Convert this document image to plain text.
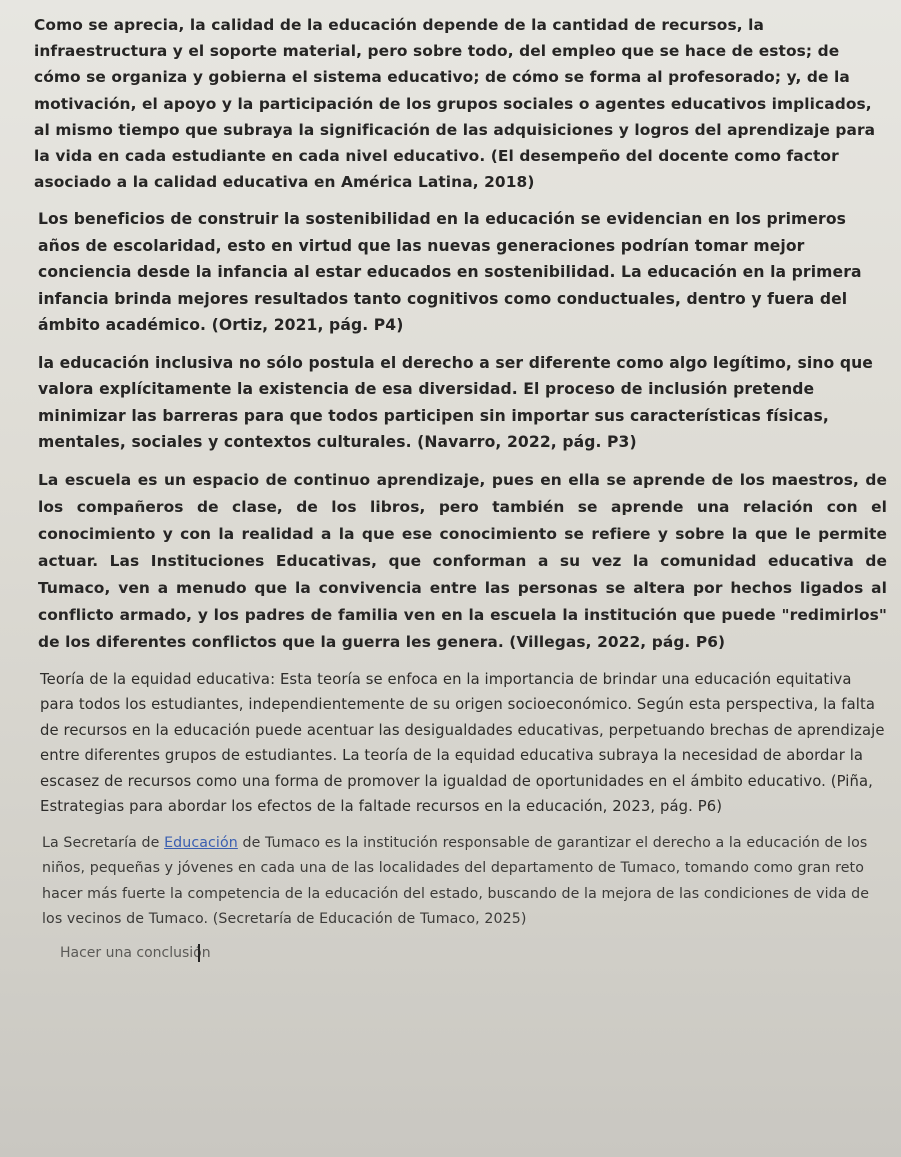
Como se aprecia, la calidad de la educación depende de la cantidad de recursos, la infraestructura y el soporte material, pero sobre todo, del empleo que se hace de estos; de cómo se organiza y gobierna el sistema educativo; de cómo se forma al profesorado; y, de la motivación, el apoyo y la participación de los grupos sociales o agentes educativos implicados, al mismo tiempo que subraya la significación de las adquisiciones y logros del aprendizaje para la vida en cada estudiante en cada nivel educativo. (El desempeño del docente como factor asociado a la calidad educativa en América Latina, 2018)

Los beneficios de construir la sostenibilidad en la educación se evidencian en los primeros años de escolaridad, esto en virtud que las nuevas generaciones podrían tomar mejor conciencia desde la infancia al estar educados en sostenibilidad. La educación en la primera infancia brinda mejores resultados tanto cognitivos como conductuales, dentro y fuera del ámbito académico. (Ortiz, 2021, pág. P4)

la educación inclusiva no sólo postula el derecho a ser diferente como algo legítimo, sino que valora explícitamente la existencia de esa diversidad. El proceso de inclusión pretende minimizar las barreras para que todos participen sin importar sus características físicas, mentales, sociales y contextos culturales. (Navarro, 2022, pág. P3)

La escuela es un espacio de continuo aprendizaje, pues en ella se aprende de los maestros, de los compañeros de clase, de los libros, pero también se aprende una relación con el conocimiento y con la realidad a la que ese conocimiento se refiere y sobre la que le permite actuar. Las Instituciones Educativas, que conforman a su vez la comunidad educativa de Tumaco, ven a menudo que la convivencia entre las personas se altera por hechos ligados al conflicto armado, y los padres de familia ven en la escuela la institución que puede "redimirlos" de los diferentes conflictos que la guerra les genera. (Villegas, 2022, pág. P6)

Teoría de la equidad educativa: Esta teoría se enfoca en la importancia de brindar una educación equitativa para todos los estudiantes, independientemente de su origen socioeconómico. Según esta perspectiva, la falta de recursos en la educación puede acentuar las desigualdades educativas, perpetuando brechas de aprendizaje entre diferentes grupos de estudiantes. La teoría de la equidad educativa subraya la necesidad de abordar la escasez de recursos como una forma de promover la igualdad de oportunidades en el ámbito educativo. (Piña, Estrategias para abordar los efectos de la faltade recursos en la educación, 2023, pág. P6)

La Secretaría de Educación de Tumaco es la institución responsable de garantizar el derecho a la educación de los niños, pequeñas y jóvenes en cada una de las localidades del departamento de Tumaco, tomando como gran reto hacer más fuerte la competencia de la educación del estado, buscando de la mejora de las condiciones de vida de los vecinos de Tumaco. (Secretaría de Educación de Tumaco, 2025)

Hacer una conclusión
